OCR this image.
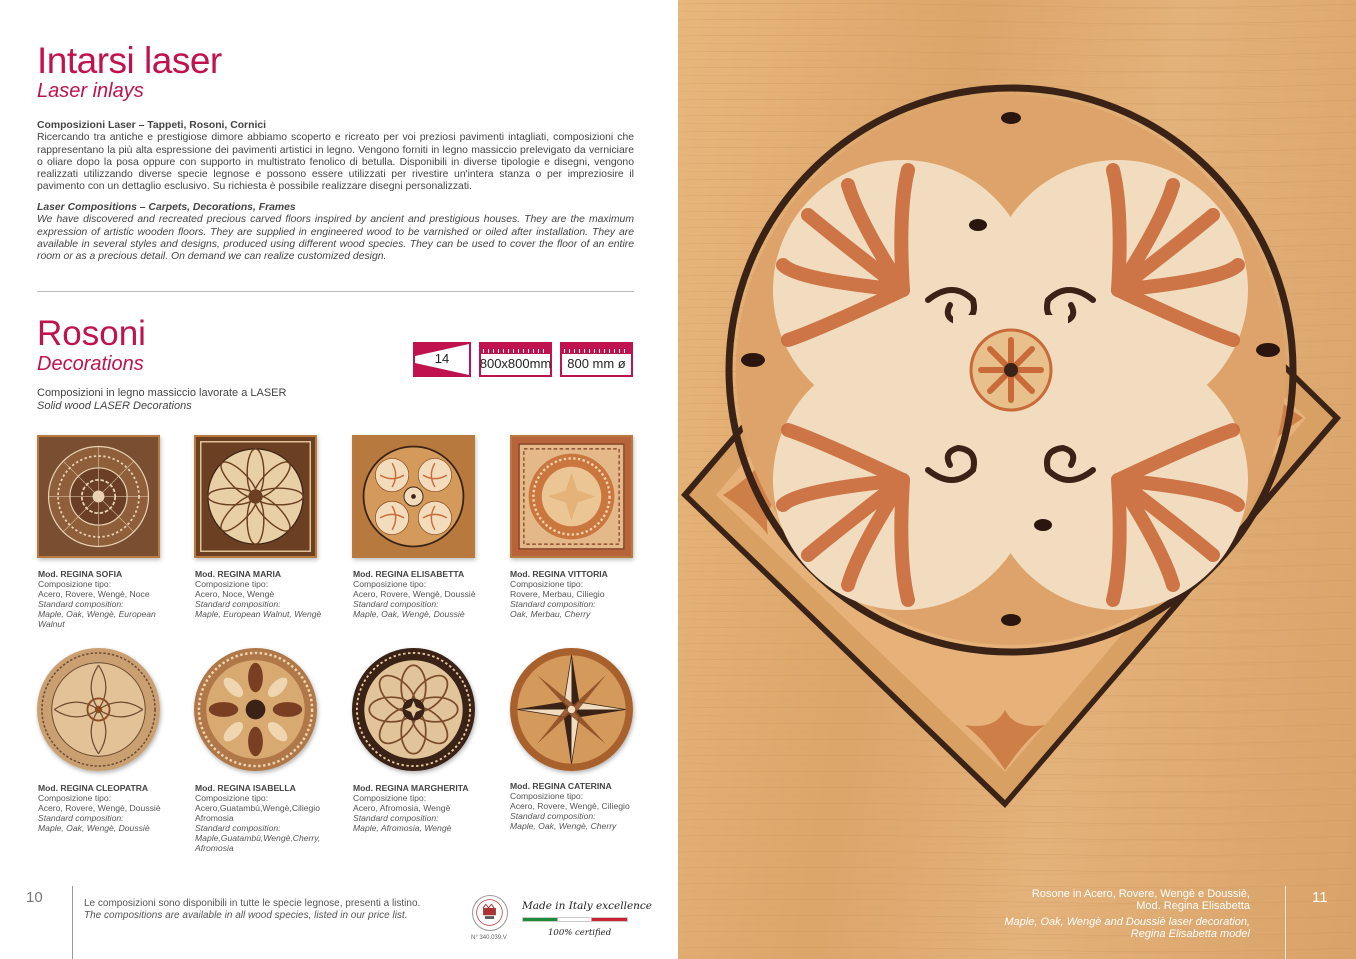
Intarsi laser
Laser inlays
Composizioni Laser – Tappeti, Rosoni, Cornici

Ricercando tra antiche e prestigiose dimore abbiamo scoperto e ricreato per voi preziosi pavimenti intagliati, composizioni che rappresentano la più alta espressione dei pavimenti artistici in legno. Vengono forniti in legno massiccio prelevigato da verniciare o oliare dopo la posa oppure con supporto in multistrato fenolico di betulla. Disponibili in diverse tipologie e disegni, vengono realizzati utilizzando diverse specie legnose e possono essere utilizzati per rivestire un'intera stanza o per impreziosire il pavimento con un dettaglio esclusivo. Su richiesta è possibile realizzare disegni personalizzati.

Laser Compositions – Carpets, Decorations, Frames

We have discovered and recreated precious carved floors inspired by ancient and prestigious houses. They are the maximum expression of artistic wooden floors. They are supplied in engineered wood to be varnished or oiled after installation. They are available in several styles and designs, produced using different wood species. They can be used to cover the floor of an entire room or as a precious detail. On demand we can realize customized design.

Rosoni
Decorations	14 800x800mm 800 mm ø
Composizioni in legno massiccio lavorate a LASER
Solid wood LASER Decorations
Mod. REGINA SOFIA
Composizione tipo:
Acero, Rovere, Wengè, Noce
Standard composition:
Maple, Oak, Wengè, European Walnut
Mod. REGINA MARIA
Composizione tipo:
Acero, Noce, Wengè
Standard composition:
Maple, European Walnut, Wengè
Mod. REGINA ELISABETTA
Composizione tipo:
Acero, Rovere, Wengè, Doussiè
Standard composition:
Maple, Oak, Wengè, Doussiè
Mod. REGINA VITTORIA
Composizione tipo:
Rovere, Merbau, Ciliegio
Standard composition:
Oak, Merbau, Cherry
Mod. REGINA CLEOPATRA
Composizione tipo:
Acero, Rovere, Wengè, Doussiè
Standard composition:
Maple, Oak, Wengè, Doussiè
Mod. REGINA ISABELLA
Composizione tipo:
Acero,Guatambù,Wengè,Ciliegio Afromosia
Standard composition:
Maple,Guatambù,Wengè,Cherry, Afromosia
Mod. REGINA MARGHERITA
Composizione tipo:
Acero, Afromosia, Wengè
Standard composition:
Maple, Afromosia, Wengè
Mod. REGINA CATERINA
Composizione tipo:
Acero, Rovere, Wengè, Ciliegio
Standard composition:
Maple, Oak, Wengè, Cherry
10	Le composizioni sono disponibili in tutte le specie legnose, presenti a listino.
The compositions are available in all wood species, listed in our price list.
N° 340.039.V
Made in Italy excellence
100% certified
Rosone in Acero, Rovere, Wengè e Doussiè,
Mod. Regina Elisabetta
Maple, Oak, Wengè and Doussiè laser decoration,
Regina Elisabetta model
11
